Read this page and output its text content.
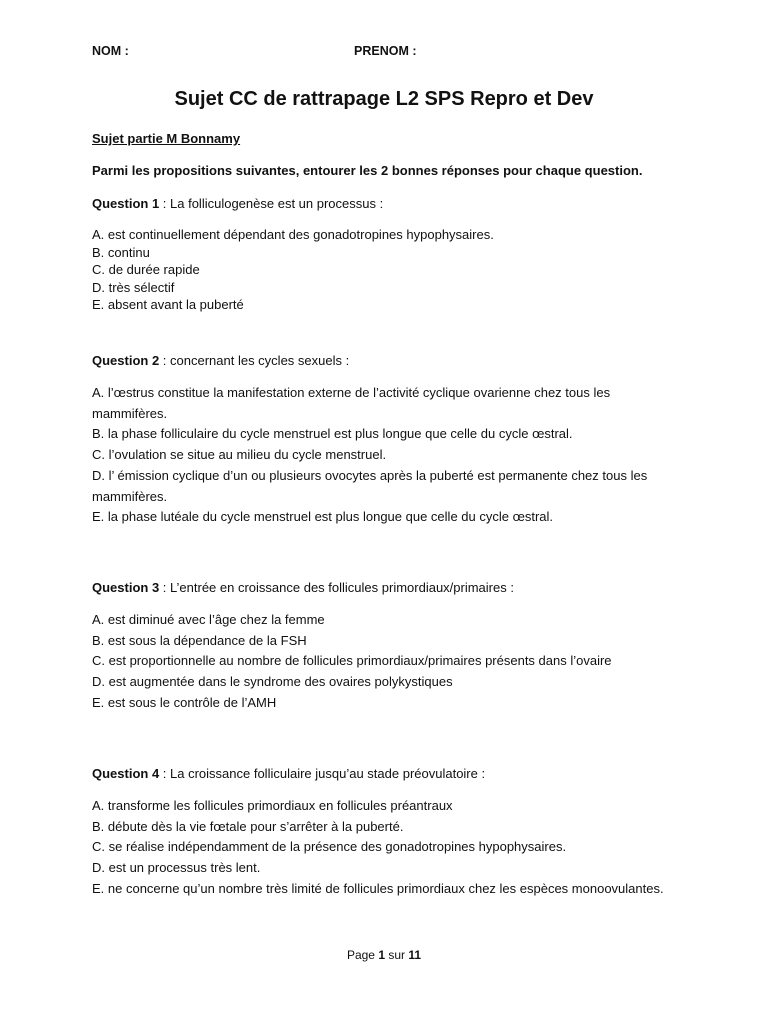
NOM :	PRENOM :
Sujet CC de rattrapage L2 SPS Repro et Dev
Sujet partie M Bonnamy
Parmi les propositions suivantes, entourer les 2 bonnes réponses pour chaque question.

Question 1 : La folliculogenèse est un processus :

A. est continuellement dépendant des gonadotropines hypophysaires.
B. continu
C. de durée rapide
D. très sélectif
E. absent avant la puberté

Question 2 : concernant les cycles sexuels :

A. l’œstrus constitue la manifestation externe de l’activité cyclique ovarienne chez tous les mammifères.
B. la phase folliculaire du cycle menstruel est plus longue que celle du cycle œstral.
C. l’ovulation se situe au milieu du cycle menstruel.
D. l’ émission cyclique d’un ou plusieurs ovocytes après la puberté est permanente chez tous les mammifères.
E. la phase lutéale du cycle menstruel est plus longue que celle du cycle œstral.

Question 3 : L’entrée en croissance des follicules primordiaux/primaires :

A. est diminué avec l’âge chez la femme
B. est sous la dépendance de la FSH
C. est proportionnelle au nombre de follicules primordiaux/primaires présents dans l’ovaire
D. est augmentée dans le syndrome des ovaires polykystiques
E. est sous le contrôle de l’AMH

Question 4 : La croissance folliculaire jusqu’au stade préovulatoire :

A. transforme les follicules primordiaux en follicules préantraux
B. débute dès la vie fœtale pour s’arrêter à la puberté.
C. se réalise indépendamment de la présence des gonadotropines hypophysaires.
D. est un processus très lent.
E. ne concerne qu’un nombre très limité de follicules primordiaux chez les espèces monoovulantes.
Page 1 sur 11
